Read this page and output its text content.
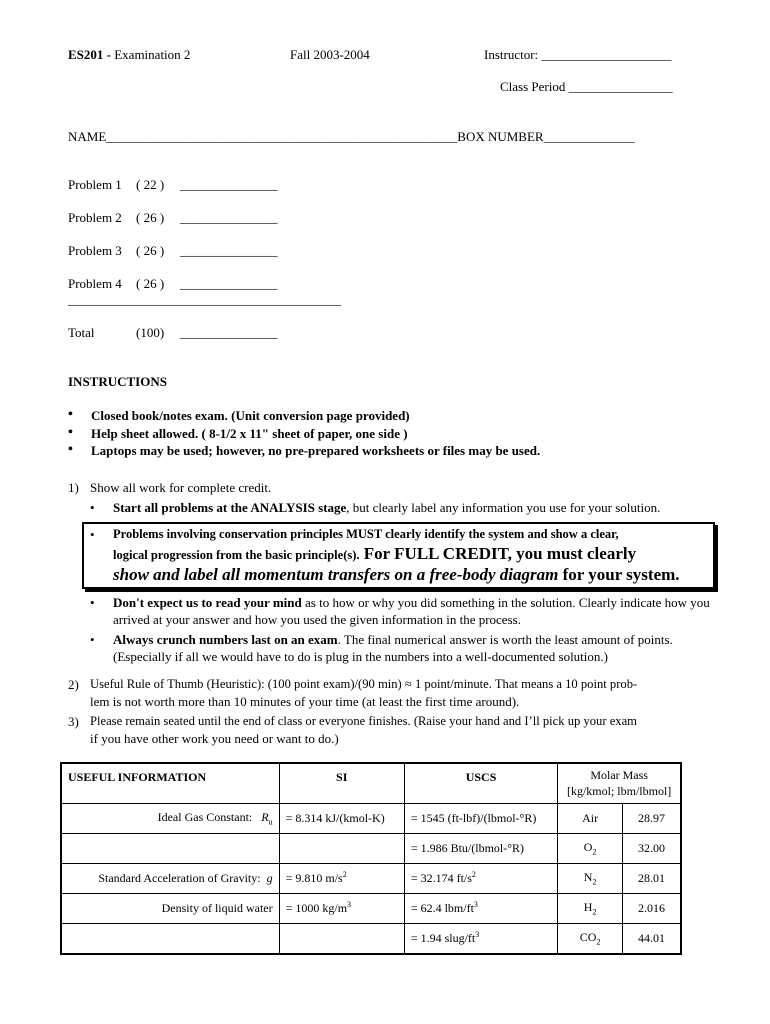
ES201 - Examination 2	Fall 2003-2004	Instructor: ____________________
Class Period ________________
NAME______________________________________________________BOX NUMBER______________
Problem 1 ( 22 ) _______________
Problem 2 ( 26 ) _______________
Problem 3 ( 26 ) _______________
Problem 4 ( 26 ) _______________
__________________________________________
Total	(100) _______________
INSTRUCTIONS
• Closed book/notes exam. (Unit conversion page provided)
• Help sheet allowed. ( 8-1/2 x 11" sheet of paper, one side )
• Laptops may be used; however, no pre-prepared worksheets or files may be used.
1) Show all work for complete credit.
• Start all problems at the ANALYSIS stage, but clearly label any information you use for your solution.
• Problems involving conservation principles MUST clearly identify the system and show a clear,
logical progression from the basic principle(s). For FULL CREDIT, you must clearly
show and label all momentum transfers on a free-body diagram for your system.
• Don't expect us to read your mind as to how or why you did something in the solution. Clearly indicate how you arrived at your answer and how you used the given information in the process.
• Always crunch numbers last on an exam. The final numerical answer is worth the least amount of points. (Especially if all we would have to do is plug in the numbers into a well-documented solution.)
2) Useful Rule of Thumb (Heuristic): (100 point exam)/(90 min) ≈ 1 point/minute. That means a 10 point prob-
lem is not worth more than 10 minutes of your time (at least the first time around).
3) Please remain seated until the end of class or everyone finishes. (Raise your hand and I’ll pick up your exam
if you have other work you need or want to do.)
USEFUL INFORMATION	SI	USCS	Molar Mass
[kg/kmol; lbm/lbmol]	

Ideal Gas Constant: $R_u$	= 8.314 kJ/(kmol-K)	= 1545 (ft-lbf)/(lbmol-°R)	Air	28.97
		= 1.986 Btu/(lbmol-°R)	$O_2$	32.00
Standard Acceleration of Gravity: g	= 9.810 $m/s^2$	= 32.174 $ft/s^2$	$N_2$	28.01
Density of liquid water	= 1000 $kg/m^3$	= 62.4 lbm/$ft^3$	$H_2$	2.016
		= 1.94 slug/$ft^3$	$CO_2$	44.01
